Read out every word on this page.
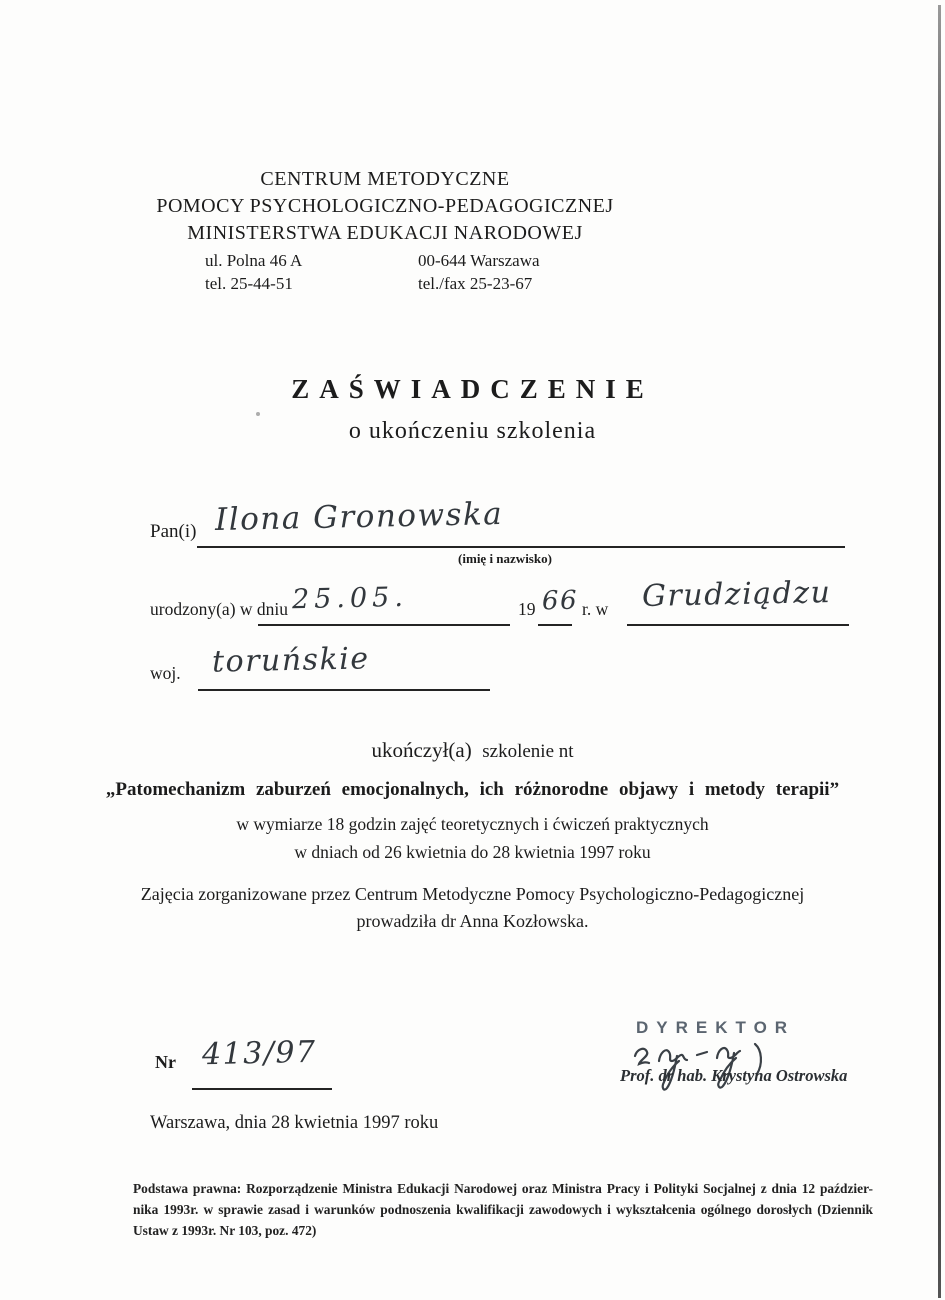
CENTRUM METODYCZNE
POMOCY PSYCHOLOGICZNO-PEDAGOGICZNEJ
MINISTERSTWA EDUKACJI NARODOWEJ
ul. Polna 46 A
tel. 25-44-51
00-644 Warszawa
tel./fax 25-23-67
ZAŚWIADCZENIE
o ukończeniu szkolenia
Pan(i) Ilona Gronowska
(imię i nazwisko)
urodzony(a) w dniu 25.05.	19 66 r. w Grudziądzu
woj. toruńskie
ukończył(a) szkolenie nt
„Patomechanizm zaburzeń emocjonalnych, ich różnorodne objawy i metody terapii”
w wymiarze 18 godzin zajęć teoretycznych i ćwiczeń praktycznych
w dniach od 26 kwietnia do 28 kwietnia 1997 roku
Zajęcia zorganizowane przez Centrum Metodyczne Pomocy Psychologiczno-Pedagogicznej
prowadziła dr Anna Kozłowska.
DYREKTOR
Prof. dr hab. Krystyna Ostrowska
Nr 413/97
Warszawa, dnia 28 kwietnia 1997 roku
Podstawa prawna: Rozporządzenie Ministra Edukacji Narodowej oraz Ministra Pracy i Polityki Socjalnej z dnia 12 paździer-
nika 1993r. w sprawie zasad i warunków podnoszenia kwalifikacji zawodowych i wykształcenia ogólnego dorosłych (Dziennik
Ustaw z 1993r. Nr 103, poz. 472)
